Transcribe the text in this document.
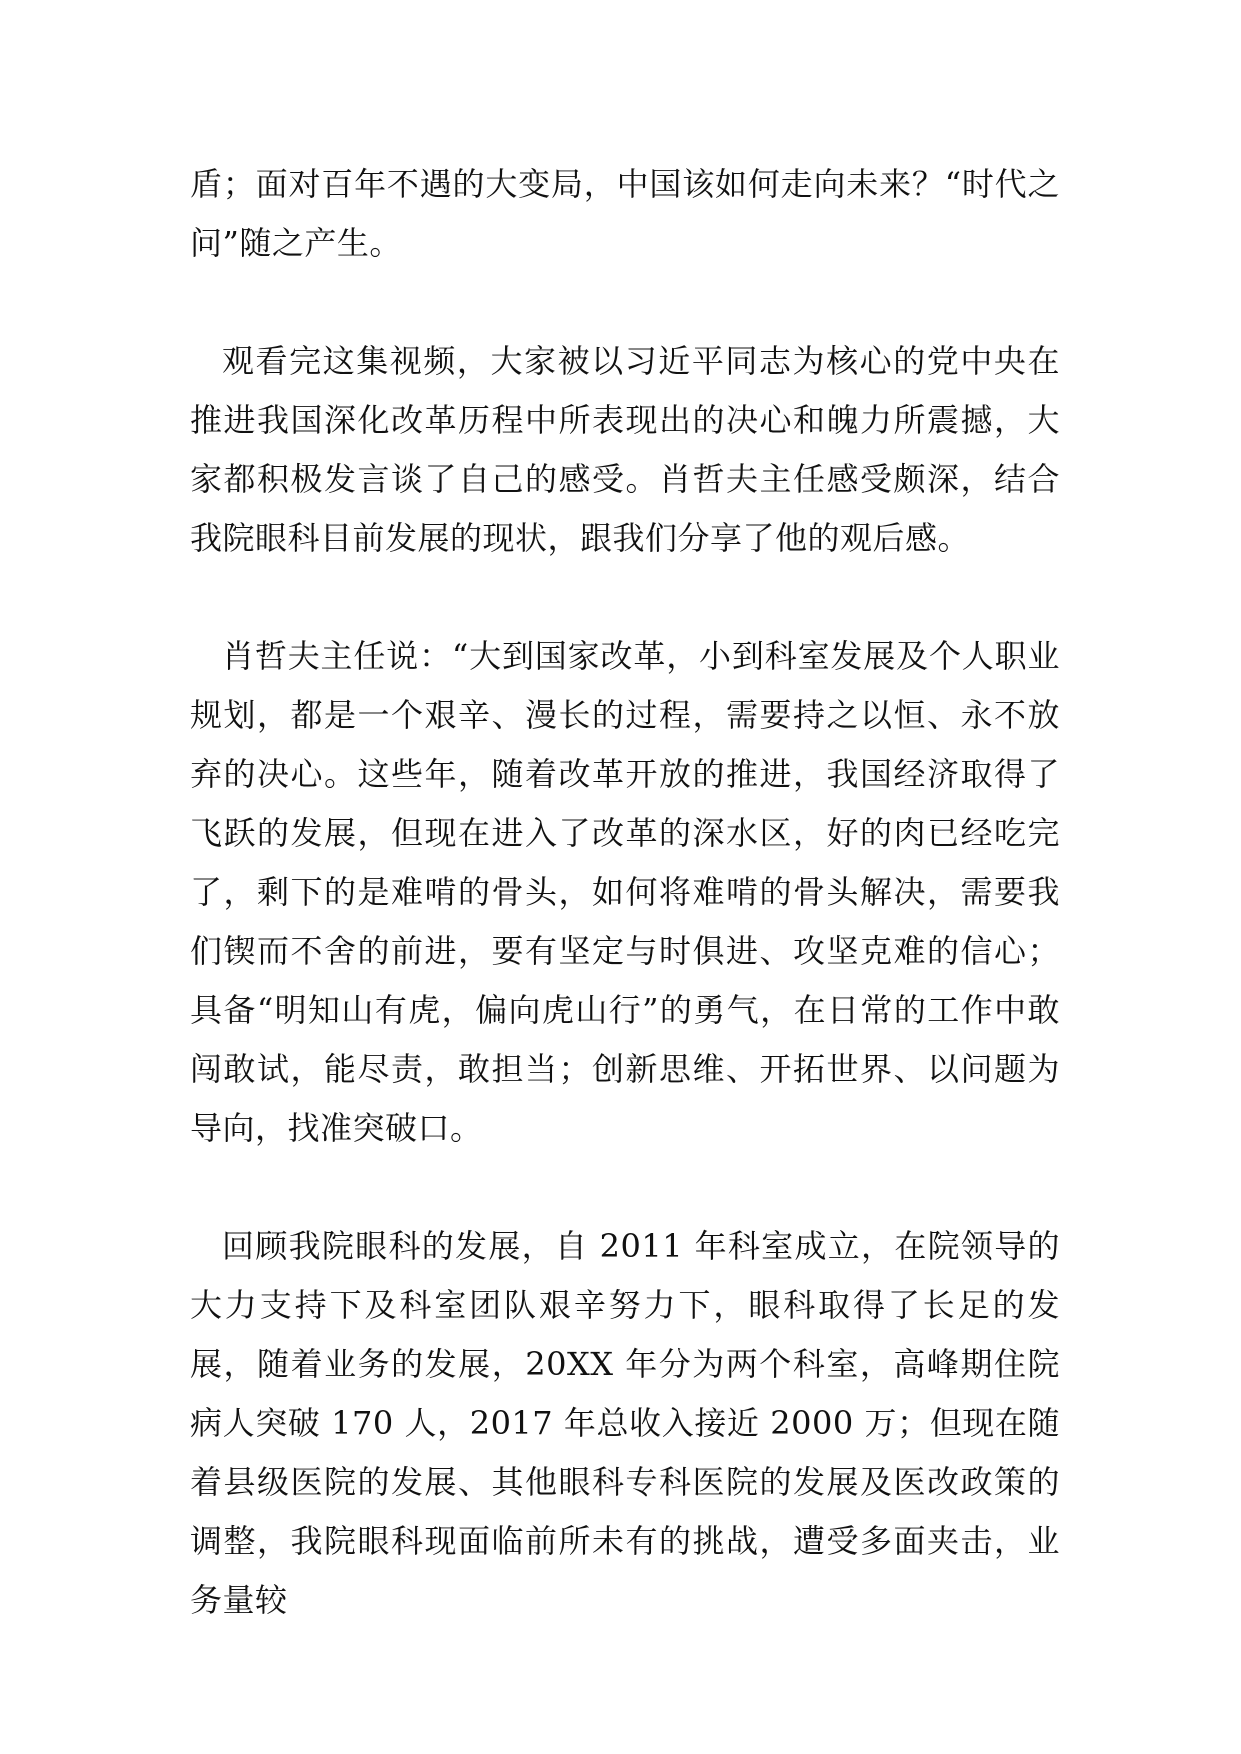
盾；面对百年不遇的大变局，中国该如何走向未来？“时代之问”随之产生。

观看完这集视频，大家被以习近平同志为核心的党中央在推进我国深化改革历程中所表现出的决心和魄力所震撼，大家都积极发言谈了自己的感受。肖哲夫主任感受颇深，结合我院眼科目前发展的现状，跟我们分享了他的观后感。

肖哲夫主任说：“大到国家改革，小到科室发展及个人职业规划，都是一个艰辛、漫长的过程，需要持之以恒、永不放弃的决心。这些年，随着改革开放的推进，我国经济取得了飞跃的发展，但现在进入了改革的深水区，好的肉已经吃完了，剩下的是难啃的骨头，如何将难啃的骨头解决，需要我们锲而不舍的前进，要有坚定与时俱进、攻坚克难的信心；具备“明知山有虎，偏向虎山行”的勇气，在日常的工作中敢闯敢试，能尽责，敢担当；创新思维、开拓世界、以问题为导向，找准突破口。

回顾我院眼科的发展，自 2011 年科室成立，在院领导的大力支持下及科室团队艰辛努力下，眼科取得了长足的发展，随着业务的发展，20XX 年分为两个科室，高峰期住院病人突破 170 人，2017 年总收入接近 2000 万；但现在随着县级医院的发展、其他眼科专科医院的发展及医改政策的调整，我院眼科现面临前所未有的挑战，遭受多面夹击，业务量较
